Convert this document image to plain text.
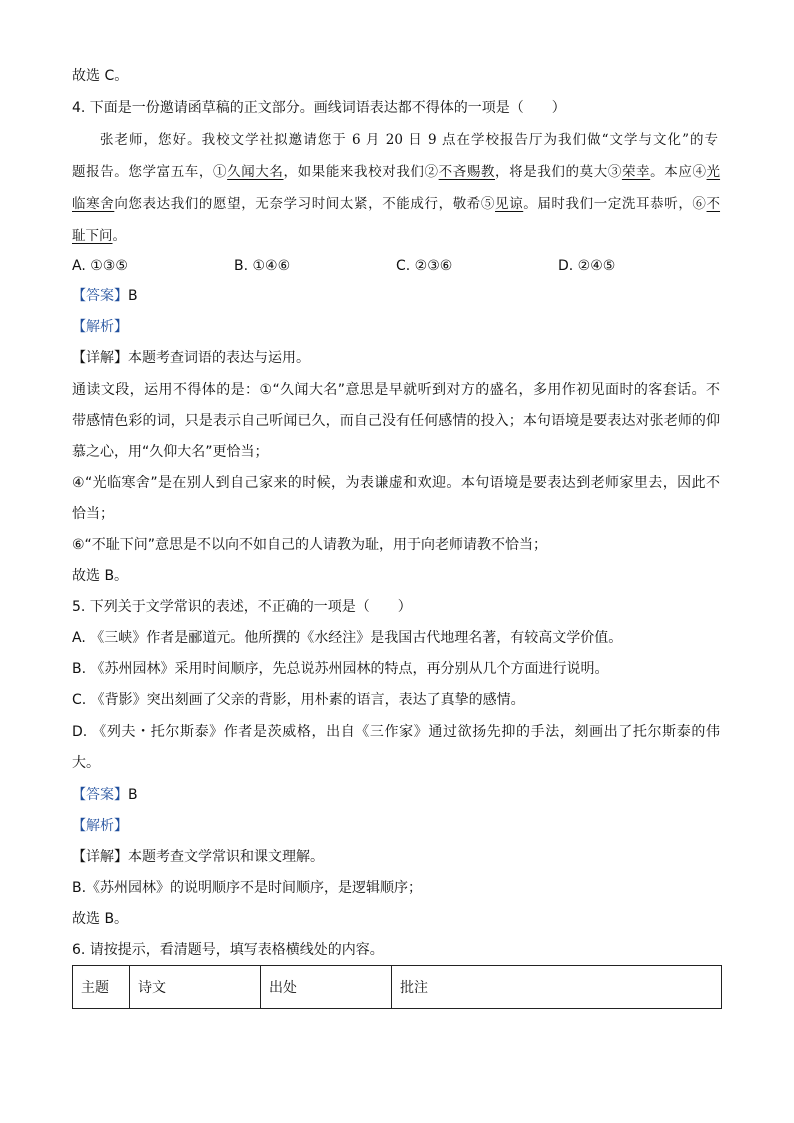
故选 C。
4. 下面是一份邀请函草稿的正文部分。画线词语表达都不得体的一项是（　　）
张老师，您好。我校文学社拟邀请您于 6 月 20 日 9 点在学校报告厅为我们做“文学与文化”的专
题报告。您学富五车，①久闻大名，如果能来我校对我们②不吝赐教，将是我们的莫大③荣幸。本应④光
临寒舍向您表达我们的愿望，无奈学习时间太紧，不能成行，敬希⑤见谅。届时我们一定洗耳恭听，⑥不
耻下问。
A. ①③⑤	B. ①④⑥	C. ②③⑥	D. ②④⑤
【答案】B
【解析】
【详解】本题考查词语的表达与运用。
通读文段，运用不得体的是：①“久闻大名”意思是早就听到对方的盛名，多用作初见面时的客套话。不
带感情色彩的词，只是表示自己听闻已久，而自己没有任何感情的投入；本句语境是要表达对张老师的仰
慕之心，用“久仰大名”更恰当；
④“光临寒舍”是在别人到自己家来的时候，为表谦虚和欢迎。本句语境是要表达到老师家里去，因此不
恰当；
⑥“不耻下问”意思是不以向不如自己的人请教为耻，用于向老师请教不恰当；
故选 B。
5. 下列关于文学常识的表述，不正确的一项是（　　）
A. 《三峡》作者是郦道元。他所撰的《水经注》是我国古代地理名著，有较高文学价值。
B. 《苏州园林》采用时间顺序，先总说苏州园林的特点，再分别从几个方面进行说明。
C. 《背影》突出刻画了父亲的背影，用朴素的语言，表达了真挚的感情。
D. 《列夫・托尔斯泰》作者是茨威格，出自《三作家》通过欲扬先抑的手法，刻画出了托尔斯泰的伟
大。
【答案】B
【解析】
【详解】本题考查文学常识和课文理解。
B.《苏州园林》的说明顺序不是时间顺序，是逻辑顺序；
故选 B。
6. 请按提示，看清题号，填写表格横线处的内容。
主题	诗文	出处	批注
